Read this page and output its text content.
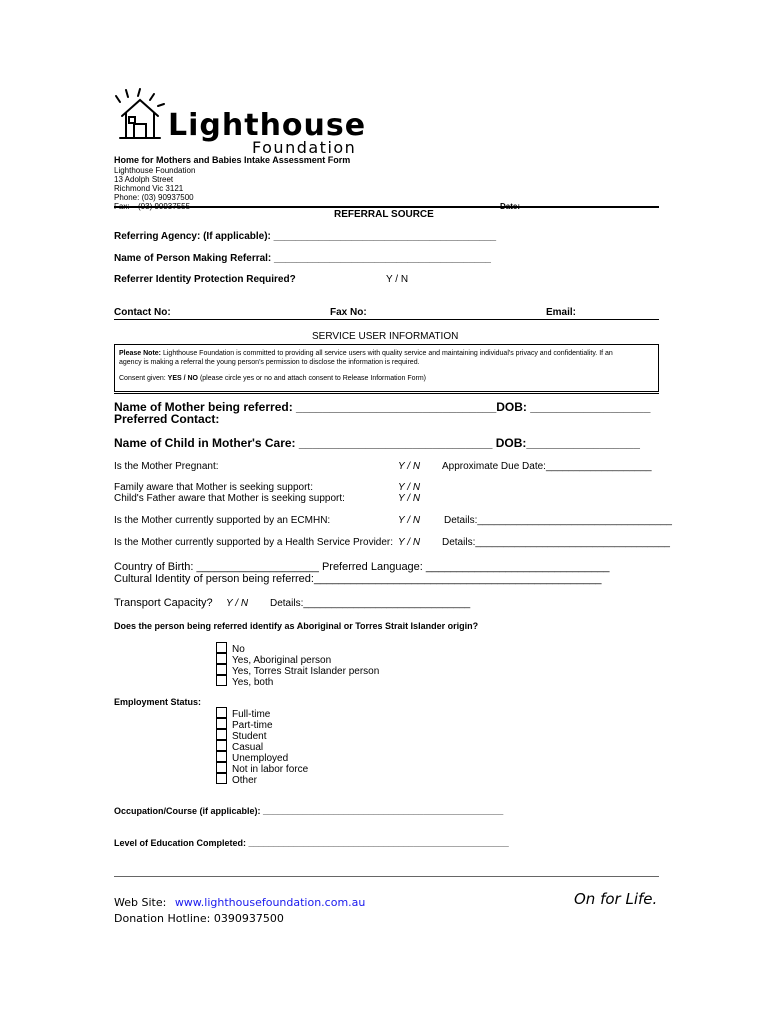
Lighthouse
Foundation
Home for Mothers and Babies Intake Assessment Form
Lighthouse Foundation
13 Adolph Street
Richmond Vic 3121
Phone: (03) 90937500
Fax: (03) 90937555	Date:
REFERRAL SOURCE
Referring Agency: (If applicable): ________________________________________
Name of Person Making Referral: _______________________________________
Referrer Identity Protection Required?	Y / N
Contact No:	Fax No:	Email:
SERVICE USER INFORMATION
Please Note: Lighthouse Foundation is committed to providing all service users with quality service and maintaining individual's privacy and confidentiality. If an
agency is making a referral the young person's permission to disclose the information is required.
Consent given: YES / NO (please circle yes or no and attach consent to Release Information Form)
Name of Mother being referred: ______________________________DOB: __________________
Preferred Contact:
Name of Child in Mother's Care: _____________________________ DOB:_________________
Is the Mother Pregnant:	Y / N Approximate Due Date:___________________
Family aware that Mother is seeking support:	Y / N
Child's Father aware that Mother is seeking support:	Y / N
Is the Mother currently supported by an ECMHN:	Y / N Details:___________________________________
Is the Mother currently supported by a Health Service Provider: Y / N Details:___________________________________
Country of Birth: ____________________ Preferred Language: ______________________________
Cultural Identity of person being referred:_______________________________________________
Transport Capacity? Y / N Details:______________________________
Does the person being referred identify as Aboriginal or Torres Strait Islander origin?
No
Yes, Aboriginal person
Yes, Torres Strait Islander person
Yes, both
Employment Status:
Full-time
Part-time
Student
Casual
Unemployed
Not in labor force
Other
Occupation/Course (if applicable): ________________________________________________
Level of Education Completed: ____________________________________________________
Web Site: www.lighthousefoundation.com.au
Donation Hotline: 0390937500
On for Life.
